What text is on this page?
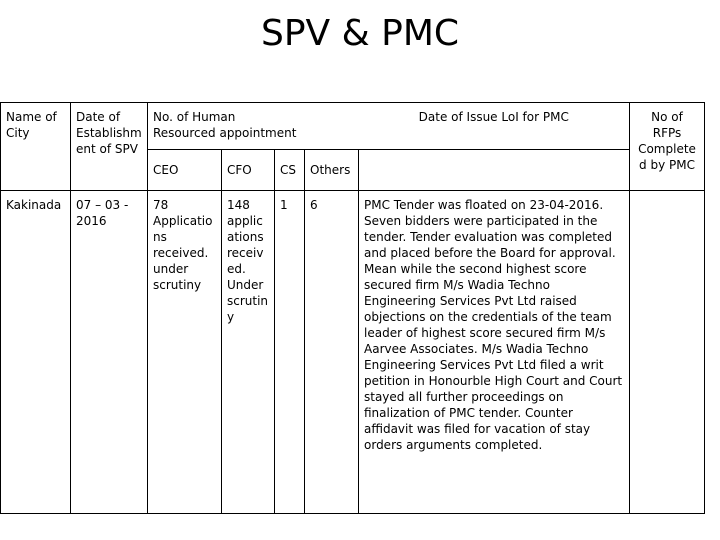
SPV & PMC
Name of City	Date of Establishment of SPV	No. of Human Resourced appointment				Date of Issue LoI for PMC	No of RFPs Completed by PMC
		CEO	CFO	CS	Others		
Kakinada	07 – 03 - 2016	78 Applications received. under scrutiny	148 applications received. Under scrutiny	1	6	PMC Tender was floated on 23-04-2016. Seven bidders were participated in the tender. Tender evaluation was completed and placed before the Board for approval. Mean while the second highest score secured firm M/s Wadia Techno Engineering Services Pvt Ltd raised objections on the credentials of the team leader of highest score secured firm M/s Aarvee Associates. M/s Wadia Techno Engineering Services Pvt Ltd filed a writ petition in Honourble High Court and Court stayed all further proceedings on finalization of PMC tender. Counter affidavit was filed for vacation of stay orders arguments completed.	
